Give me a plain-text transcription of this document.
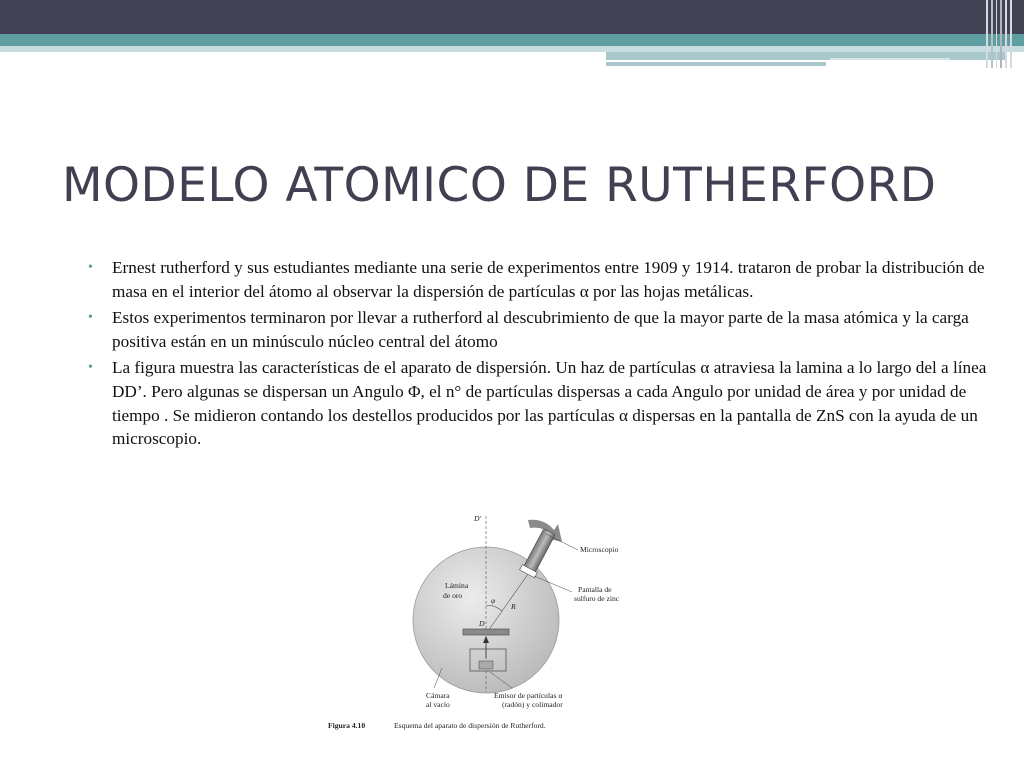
MODELO ATOMICO DE RUTHERFORD
• Ernest rutherford y sus estudiantes mediante una serie de experimentos entre 1909 y 1914. trataron de probar la distribución de masa en el interior del átomo al observar la dispersión de partículas α por las hojas metálicas.
• Estos experimentos terminaron por llevar a rutherford al descubrimiento de que la mayor parte de la masa atómica y la carga positiva están en un minúsculo núcleo central del átomo
• La figura muestra las características de el aparato de dispersión. Un haz de partículas α atraviesa la lamina a lo largo del a línea DD’. Pero algunas se dispersan un Angulo Φ, el n° de partículas dispersas a cada Angulo por unidad de área y por unidad de tiempo . Se midieron contando los destellos producidos por las partículas α dispersas en la pantalla de ZnS con la ayuda de un microscopio.
D'
Microscopio
Lámina
de oro
φ
R
D
Pantalla de
sulfuro de zinc
Cámara
al vacío
Emisor de partículas α
(radón) y colimador
Figura 4.10	Esquema del aparato de dispersión de Rutherford.
